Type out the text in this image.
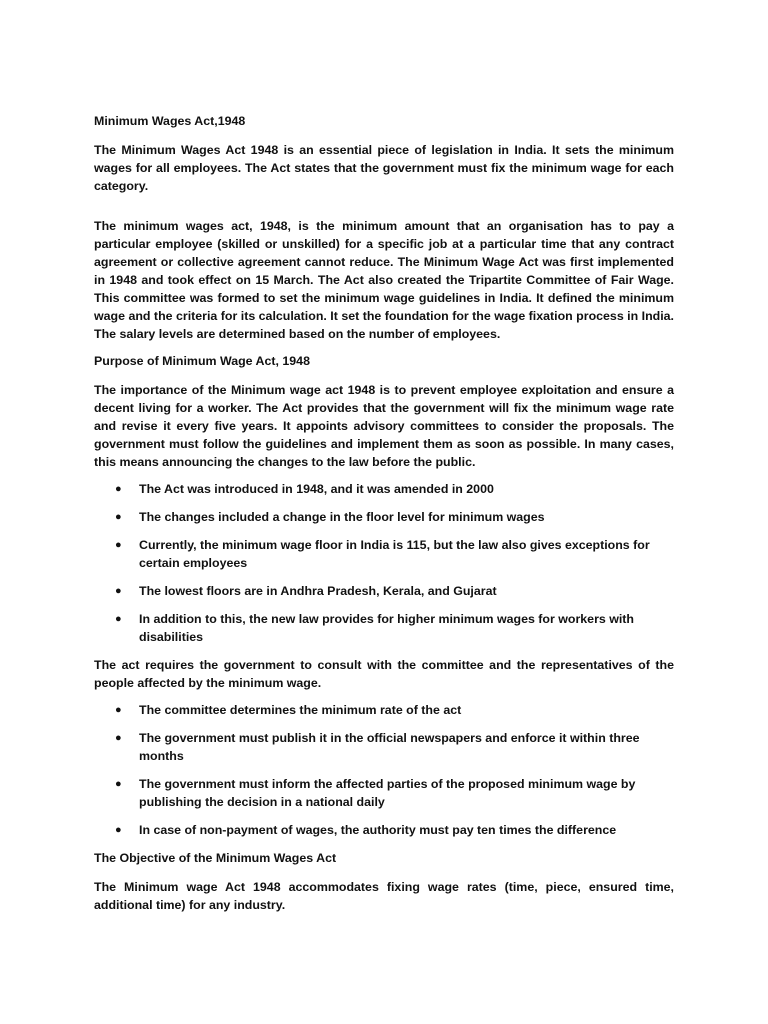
Minimum Wages Act,1948

The Minimum Wages Act 1948 is an essential piece of legislation in India. It sets the minimum wages for all employees. The Act states that the government must fix the minimum wage for each category.

The minimum wages act, 1948, is the minimum amount that an organisation has to pay a particular employee (skilled or unskilled) for a specific job at a particular time that any contract agreement or collective agreement cannot reduce. The Minimum Wage Act was first implemented in 1948 and took effect on 15 March. The Act also created the Tripartite Committee of Fair Wage. This committee was formed to set the minimum wage guidelines in India. It defined the minimum wage and the criteria for its calculation. It set the foundation for the wage fixation process in India. The salary levels are determined based on the number of employees.

Purpose of Minimum Wage Act, 1948

The importance of the Minimum wage act 1948 is to prevent employee exploitation and ensure a decent living for a worker. The Act provides that the government will fix the minimum wage rate and revise it every five years. It appoints advisory committees to consider the proposals. The government must follow the guidelines and implement them as soon as possible. In many cases, this means announcing the changes to the law before the public.

● The Act was introduced in 1948, and it was amended in 2000
● The changes included a change in the floor level for minimum wages
● Currently, the minimum wage floor in India is 115, but the law also gives exceptions for certain employees
● The lowest floors are in Andhra Pradesh, Kerala, and Gujarat
● In addition to this, the new law provides for higher minimum wages for workers with disabilities

The act requires the government to consult with the committee and the representatives of the people affected by the minimum wage.

● The committee determines the minimum rate of the act
● The government must publish it in the official newspapers and enforce it within three months
● The government must inform the affected parties of the proposed minimum wage by publishing the decision in a national daily
● In case of non-payment of wages, the authority must pay ten times the difference
The Objective of the Minimum Wages Act

The Minimum wage Act 1948 accommodates fixing wage rates (time, piece, ensured time, additional time) for any industry.
